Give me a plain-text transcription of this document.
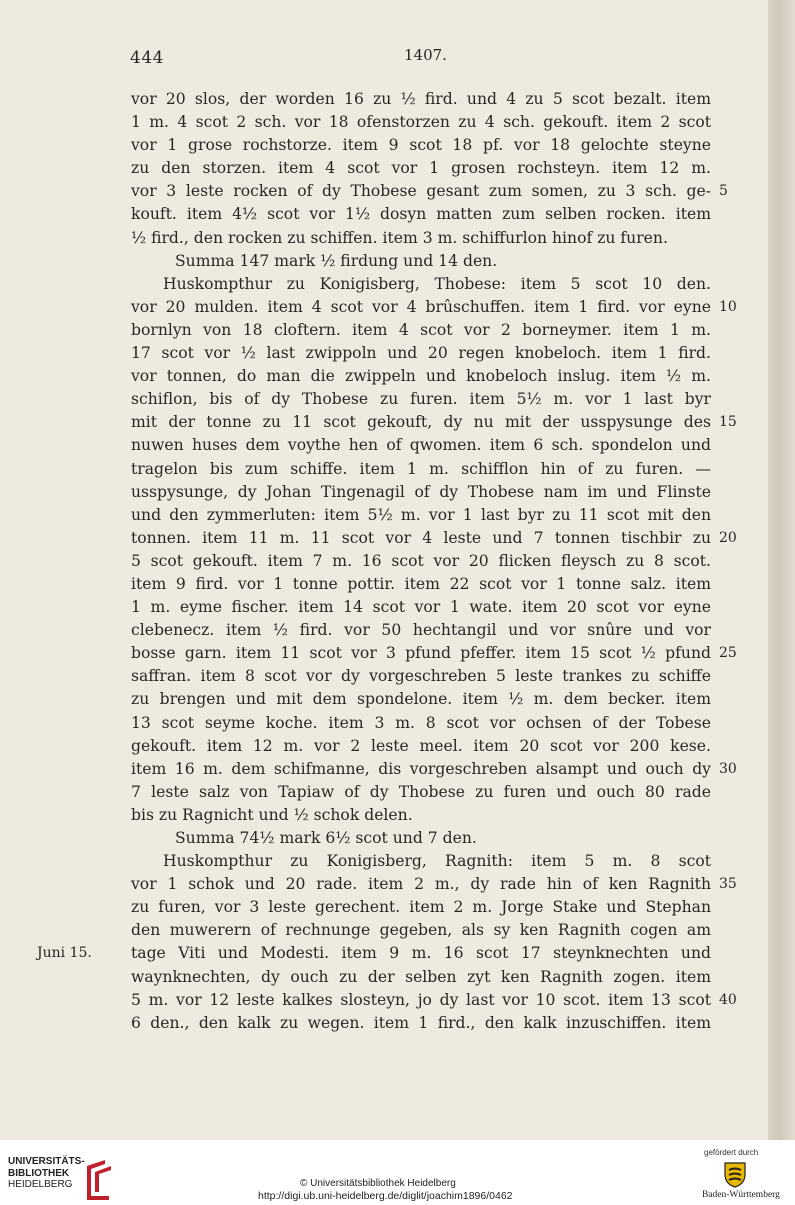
444	1407.
vor 20 slos, der worden 16 zu ½ fird. und 4 zu 5 scot bezalt. item
1 m. 4 scot 2 sch. vor 18 ofenstorzen zu 4 sch. gekouft. item 2 scot
vor 1 grose rochstorze. item 9 scot 18 pf. vor 18 gelochte steyne
zu den storzen. item 4 scot vor 1 grosen rochsteyn. item 12 m.
vor 3 leste rocken of dy Thobese gesant zum somen, zu 3 sch. ge- 5
kouft. item 4½ scot vor 1½ dosyn matten zum selben rocken. item
½ fird., den rocken zu schiffen. item 3 m. schiffurlon hinof zu furen.
Summa 147 mark ½ firdung und 14 den.
Huskompthur zu Konigisberg, Thobese: item 5 scot 10 den.
vor 20 mulden. item 4 scot vor 4 brûschuffen. item 1 fird. vor eyne 10
bornlyn von 18 cloftern. item 4 scot vor 2 borneymer. item 1 m.
17 scot vor ½ last zwippoln und 20 regen knobeloch. item 1 fird.
vor tonnen, do man die zwippeln und knobeloch inslug. item ½ m.
schiflon, bis of dy Thobese zu furen. item 5½ m. vor 1 last byr
mit der tonne zu 11 scot gekouft, dy nu mit der usspysunge des 15
nuwen huses dem voythe hen of qwomen. item 6 sch. spondelon und
tragelon bis zum schiffe. item 1 m. schifflon hin of zu furen. —
usspysunge, dy Johan Tingenagil of dy Thobese nam im und Flinste
und den zymmerluten: item 5½ m. vor 1 last byr zu 11 scot mit den
tonnen. item 11 m. 11 scot vor 4 leste und 7 tonnen tischbir zu 20
5 scot gekouft. item 7 m. 16 scot vor 20 flicken fleysch zu 8 scot.
item 9 fird. vor 1 tonne pottir. item 22 scot vor 1 tonne salz. item
1 m. eyme fischer. item 14 scot vor 1 wate. item 20 scot vor eyne
clebenecz. item ½ fird. vor 50 hechtangil und vor snûre und vor
bosse garn. item 11 scot vor 3 pfund pfeffer. item 15 scot ½ pfund 25
saffran. item 8 scot vor dy vorgeschreben 5 leste trankes zu schiffe
zu brengen und mit dem spondelone. item ½ m. dem becker. item
13 scot seyme koche. item 3 m. 8 scot vor ochsen of der Tobese
gekouft. item 12 m. vor 2 leste meel. item 20 scot vor 200 kese.
item 16 m. dem schifmanne, dis vorgeschreben alsampt und ouch dy 30
7 leste salz von Tapiaw of dy Thobese zu furen und ouch 80 rade
bis zu Ragnicht und ½ schok delen.
Summa 74½ mark 6½ scot und 7 den.
Huskompthur zu Konigisberg, Ragnith: item 5 m. 8 scot
vor 1 schok und 20 rade. item 2 m., dy rade hin of ken Ragnith 35
zu furen, vor 3 leste gerechent. item 2 m. Jorge Stake und Stephan
den muwerern of rechnunge gegeben, als sy ken Ragnith cogen am
tage Viti und Modesti. item 9 m. 16 scot 17 steynknechten und
Juni 15.
waynknechten, dy ouch zu der selben zyt ken Ragnith zogen. item
5 m. vor 12 leste kalkes slosteyn, jo dy last vor 10 scot. item 13 scot 40
6 den., den kalk zu wegen. item 1 fird., den kalk inzuschiffen. item
UNIVERSITÄTS-
BIBLIOTHEK
HEIDELBERG	© Universitätsbibliothek Heidelberg
http://digi.ub.uni-heidelberg.de/diglit/joachim1896/0462
gefördert durch
Baden-Württemberg
